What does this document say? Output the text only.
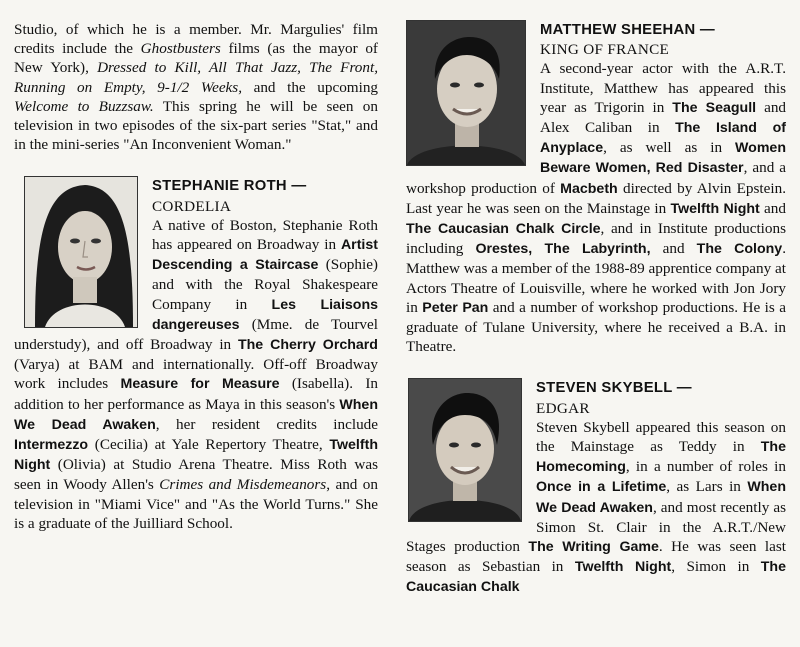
Studio, of which he is a member. Mr. Margulies' film credits include the Ghostbusters films (as the mayor of New York), Dressed to Kill, All That Jazz, The Front, Running on Empty, 9-1/2 Weeks, and the upcoming Welcome to Buzzsaw. This spring he will be seen on television in two episodes of the six-part series "Stat," and in the mini-series "An Inconvenient Woman."

STEPHANIE ROTH —
CORDELIA
A native of Boston, Stephanie Roth has appeared on Broadway in Artist Descending a Staircase (Sophie) and with the Royal Shakespeare Company in Les Liaisons dangereuses (Mme. de Tourvel understudy), and off Broadway in The Cherry Orchard (Varya) at BAM and internationally. Off-off Broadway work includes Measure for Measure (Isabella). In addition to her performance as Maya in this season's When We Dead Awaken, her resident credits include Intermezzo (Cecilia) at Yale Repertory Theatre, Twelfth Night (Olivia) at Studio Arena Theatre. Miss Roth was seen in Woody Allen's Crimes and Misdemeanors, and on television in "Miami Vice" and "As the World Turns." She is a graduate of the Juilliard School.

MATTHEW SHEEHAN —
KING OF FRANCE
A second-year actor with the A.R.T. Institute, Matthew has appeared this year as Trigorin in The Seagull and Alex Caliban in The Island of Anyplace, as well as in Women Beware Women, Red Disaster, and a workshop production of Macbeth directed by Alvin Epstein. Last year he was seen on the Mainstage in Twelfth Night and The Caucasian Chalk Circle, and in Institute productions including Orestes, The Labyrinth, and The Colony. Matthew was a member of the 1988-89 apprentice company at Actors Theatre of Louisville, where he worked with Jon Jory in Peter Pan and a number of workshop productions. He is a graduate of Tulane University, where he received a B.A. in Theatre.

STEVEN SKYBELL —
EDGAR
Steven Skybell appeared this season on the Mainstage as Teddy in The Homecoming, in a number of roles in Once in a Lifetime, as Lars in When We Dead Awaken, and most recently as Simon St. Clair in the A.R.T./New Stages production The Writing Game. He was seen last season as Sebastian in Twelfth Night, Simon in The Caucasian Chalk
